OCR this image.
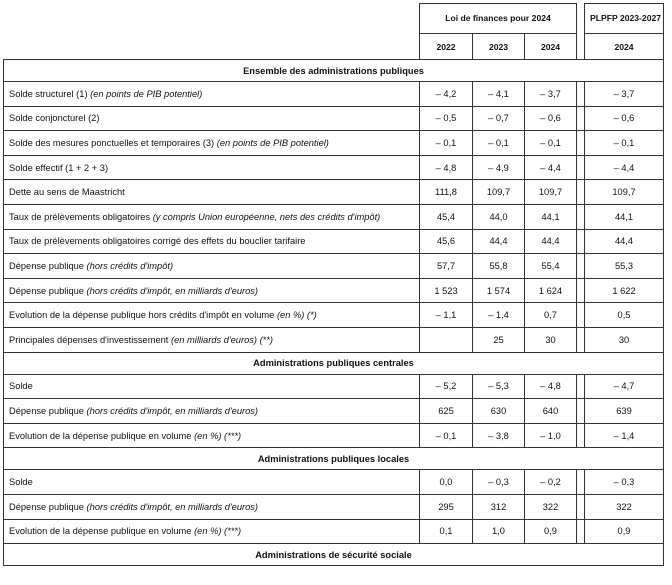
	Loi de finances pour 2024				PLPFP 2023-2027
	2022	2023	2024		2024
Ensemble des administrations publiques					
Solde structurel (1) (en points de PIB potentiel)	– 4,2	– 4,1	– 3,7		– 3,7
Solde conjoncturel (2)	– 0,5	– 0,7	– 0,6		– 0,6
Solde des mesures ponctuelles et temporaires (3) (en points de PIB potentiel)	– 0,1	– 0,1	– 0,1		– 0,1
Solde effectif (1 + 2 + 3)	– 4,8	– 4,9	– 4,4		– 4,4
Dette au sens de Maastricht	111,8	109,7	109,7		109,7
Taux de prélèvements obligatoires (y compris Union européenne, nets des crédits d'impôt)	45,4	44,0	44,1		44,1
Taux de prélèvements obligatoires corrigé des effets du bouclier tarifaire	45,6	44,4	44,4		44,4
Dépense publique (hors crédits d'impôt)	57,7	55,8	55,4		55,3
Dépense publique (hors crédits d'impôt, en milliards d'euros)	1 523	1 574	1 624		1 622
Evolution de la dépense publique hors crédits d'impôt en volume (en %) (*)	– 1,1	– 1,4	0,7		0,5
Principales dépenses d'investissement (en milliards d'euros) (**)		25	30		30
Administrations publiques centrales					
Solde	– 5,2	– 5,3	– 4,8		– 4,7
Dépense publique (hors crédits d'impôt, en milliards d'euros)	625	630	640		639
Evolution de la dépense publique en volume (en %) (***)	– 0,1	– 3,8	– 1,0		– 1,4
Administrations publiques locales					
Solde	0,0	– 0,3	– 0,2		– 0,3
Dépense publique (hors crédits d'impôt, en milliards d'euros)	295	312	322		322
Evolution de la dépense publique en volume (en %) (***)	0,1	1,0	0,9		0,9
Administrations de sécurité sociale					
